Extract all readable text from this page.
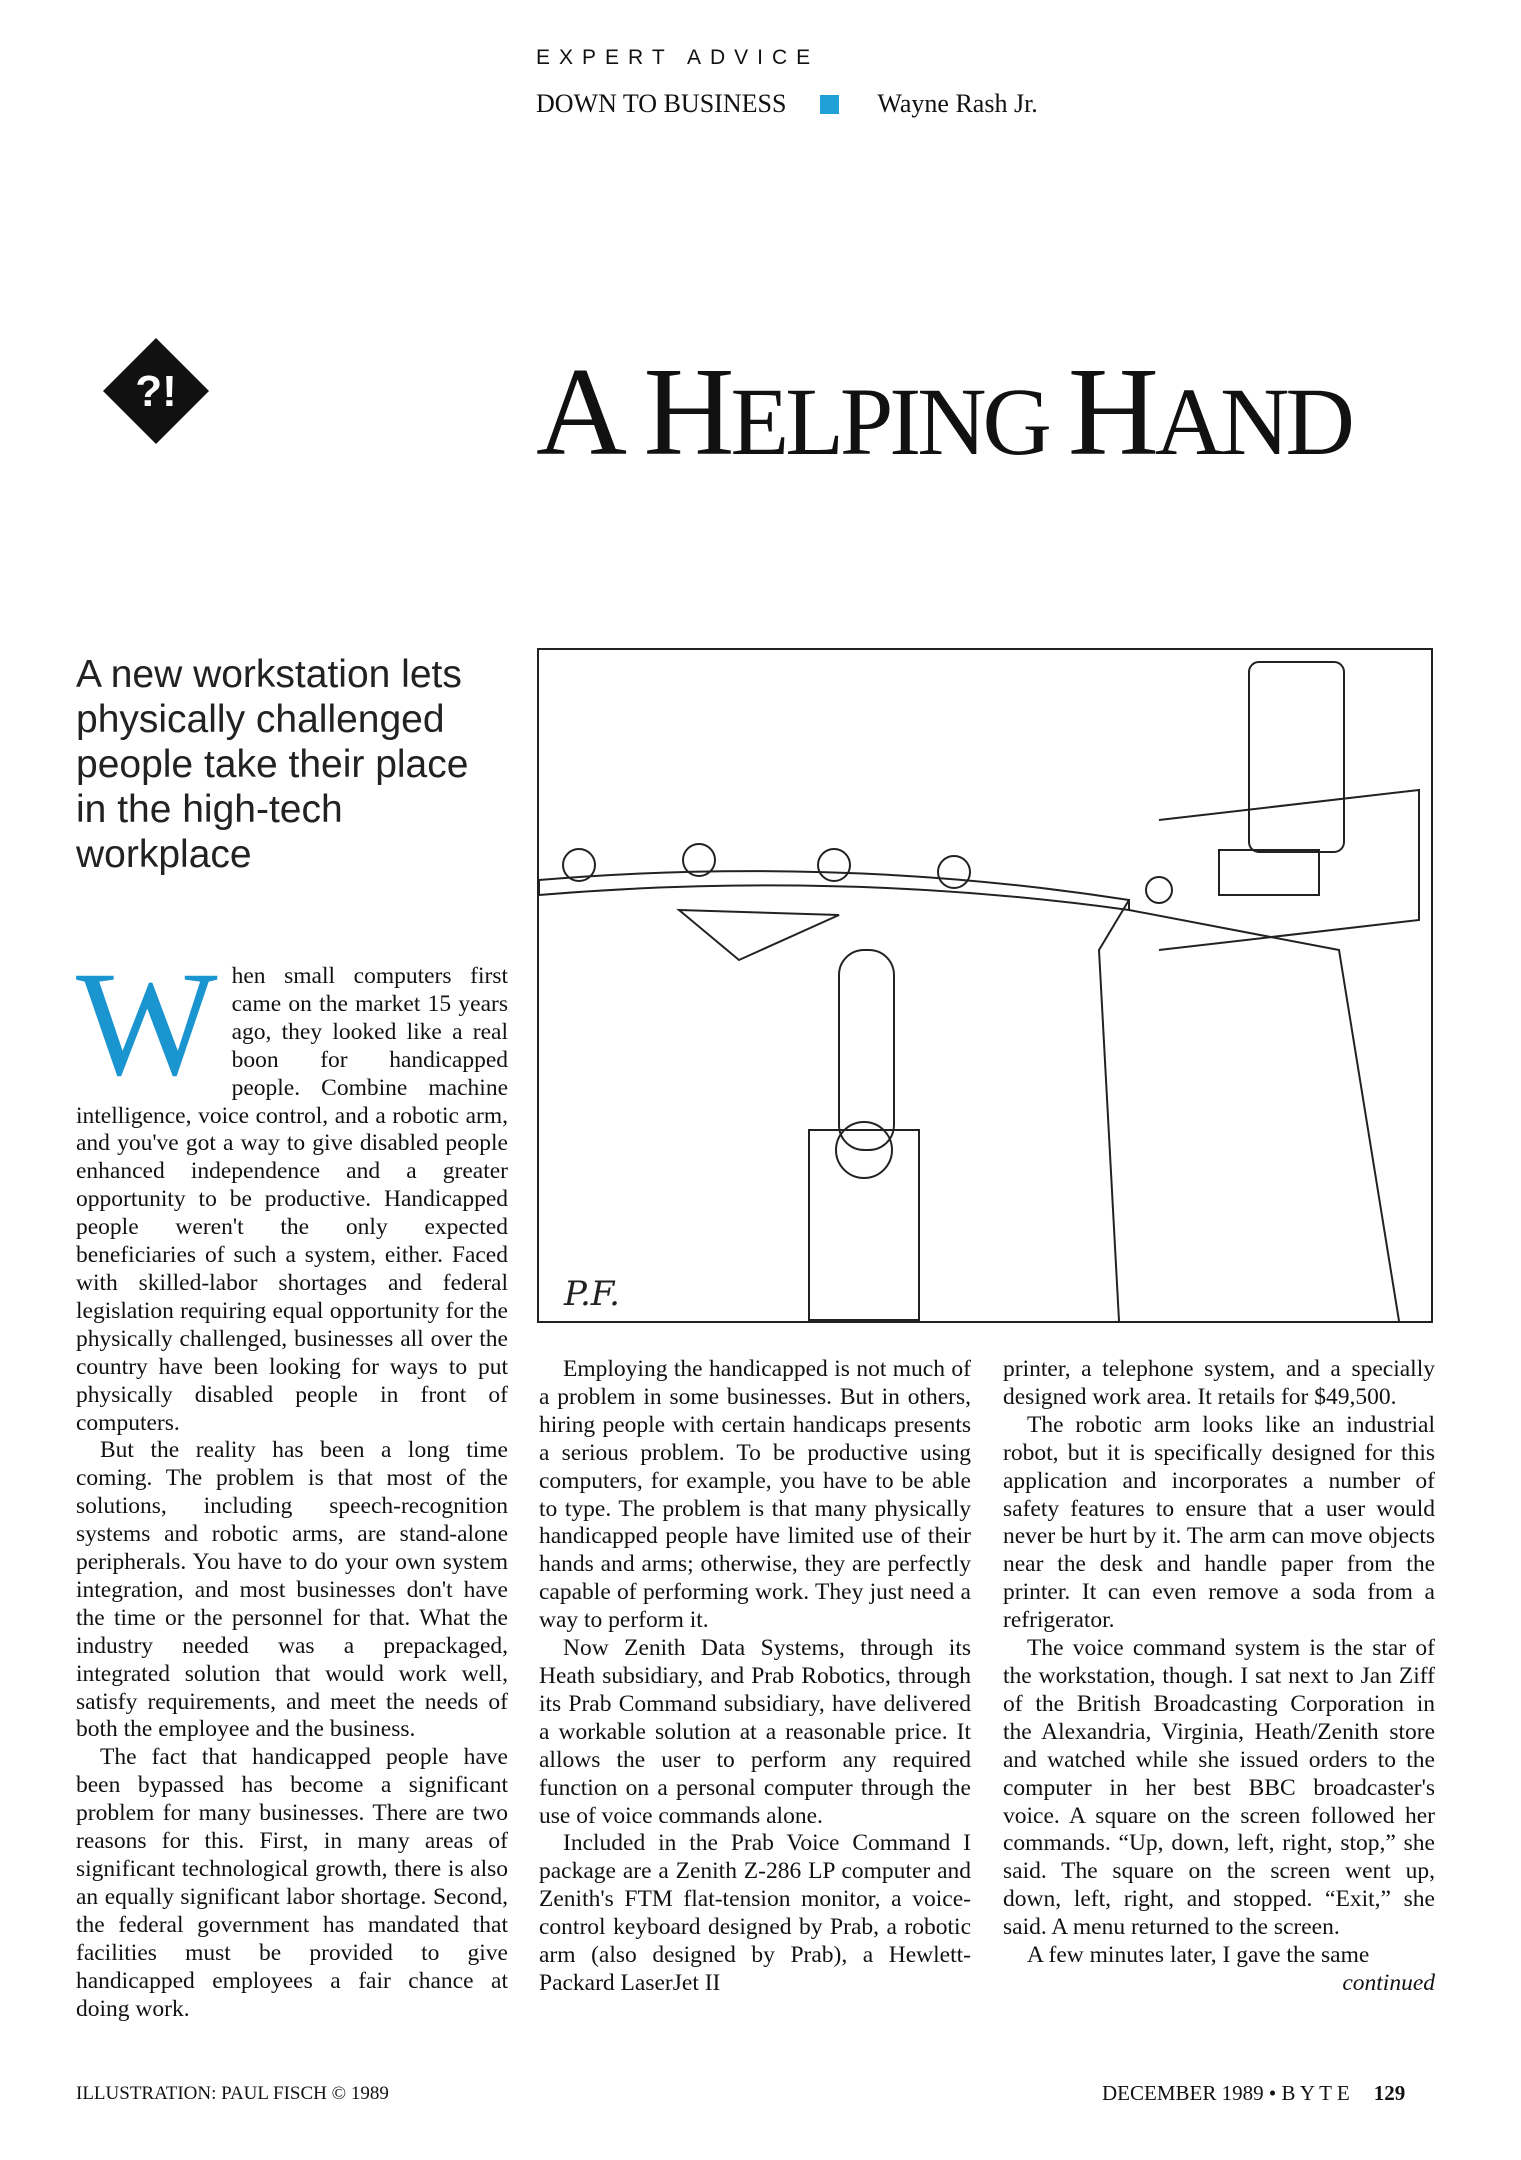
EXPERT ADVICE
DOWN TO BUSINESS	Wayne Rash Jr.
?!	A HELPING HAND
A new workstation lets physically challenged people take their place in the high-tech workplace
P.F.
W hen small computers first came on the market 15 years ago, they looked like a real boon for handicapped people. Combine machine intelligence, voice control, and a robotic arm, and you've got a way to give disabled people enhanced independence and a greater opportunity to be productive. Handicapped people weren't the only expected beneficiaries of such a system, either. Faced with skilled-labor shortages and federal legislation requiring equal opportunity for the physically challenged, businesses all over the country have been looking for ways to put physically disabled people in front of computers.

But the reality has been a long time coming. The problem is that most of the solutions, including speech-recognition systems and robotic arms, are stand-alone peripherals. You have to do your own system integration, and most businesses don't have the time or the personnel for that. What the industry needed was a prepackaged, integrated solution that would work well, satisfy requirements, and meet the needs of both the employee and the business.

The fact that handicapped people have been bypassed has become a significant problem for many businesses. There are two reasons for this. First, in many areas of significant technological growth, there is also an equally significant labor shortage. Second, the federal government has mandated that facilities must be provided to give handicapped employees a fair chance at doing work.

Employing the handicapped is not much of a problem in some businesses. But in others, hiring people with certain handicaps presents a serious problem. To be productive using computers, for example, you have to be able to type. The problem is that many physically handicapped people have limited use of their hands and arms; otherwise, they are perfectly capable of performing work. They just need a way to perform it.

Now Zenith Data Systems, through its Heath subsidiary, and Prab Robotics, through its Prab Command subsidiary, have delivered a workable solution at a reasonable price. It allows the user to perform any required function on a personal computer through the use of voice commands alone.

Included in the Prab Voice Command I package are a Zenith Z-286 LP computer and Zenith's FTM flat-tension monitor, a voice-control keyboard designed by Prab, a robotic arm (also designed by Prab), a Hewlett-Packard LaserJet II

printer, a telephone system, and a specially designed work area. It retails for $49,500.

The robotic arm looks like an industrial robot, but it is specifically designed for this application and incorporates a number of safety features to ensure that a user would never be hurt by it. The arm can move objects near the desk and handle paper from the printer. It can even remove a soda from a refrigerator.

The voice command system is the star of the workstation, though. I sat next to Jan Ziff of the British Broadcasting Corporation in the Alexandria, Virginia, Heath/Zenith store and watched while she issued orders to the computer in her best BBC broadcaster's voice. A square on the screen followed her commands. “Up, down, left, right, stop,” she said. The square on the screen went up, down, left, right, and stopped. “Exit,” she said. A menu returned to the screen.

A few minutes later, I gave the same

continued
ILLUSTRATION: PAUL FISCH © 1989	DECEMBER 1989 • B Y T E 129
